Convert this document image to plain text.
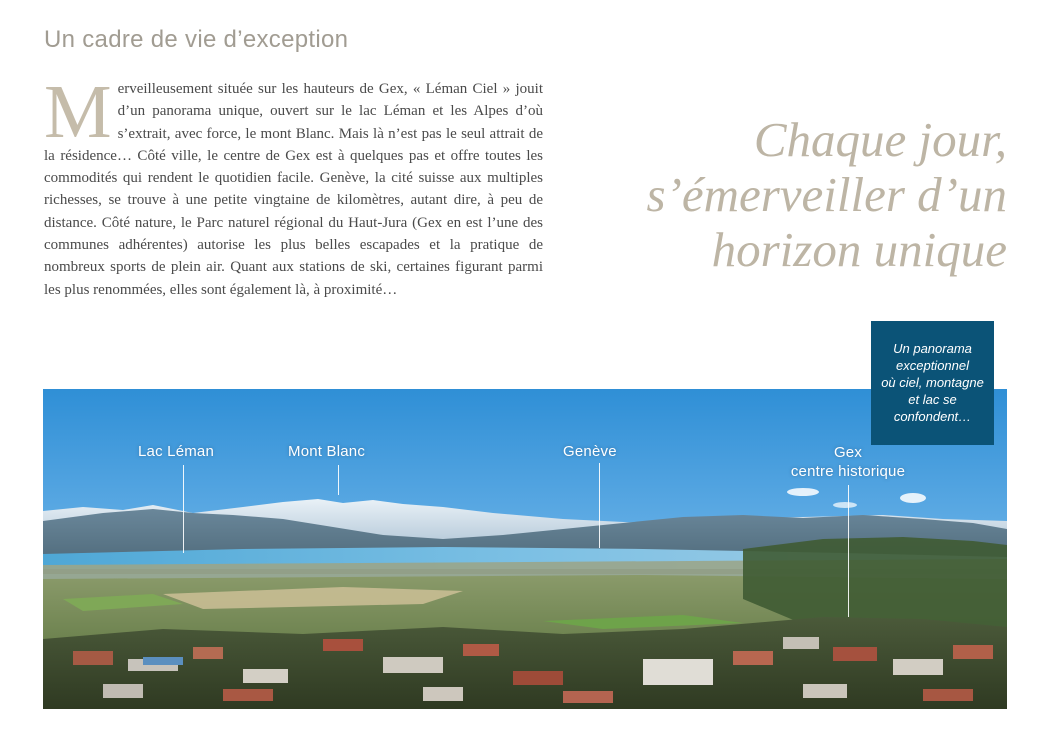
Un cadre de vie d’exception
M erveilleusement située sur les hauteurs de Gex, « Léman Ciel » jouit d’un panorama unique, ouvert sur le lac Léman et les Alpes d’où s’extrait, avec force, le mont Blanc. Mais là n’est pas le seul attrait de la résidence… Côté ville, le centre de Gex est à quelques pas et offre toutes les commodités qui rendent le quotidien facile. Genève, la cité suisse aux multiples richesses, se trouve à une petite vingtaine de kilomètres, autant dire, à peu de distance. Côté nature, le Parc naturel régional du Haut-Jura (Gex en est l’une des communes adhérentes) autorise les plus belles escapades et la pratique de nombreux sports de plein air. Quant aux stations de ski, certaines figurant parmi les plus renommées, elles sont également là, à proximité…
Chaque jour,
s’émerveiller d’un
horizon unique
Un panorama
exceptionnel
où ciel, montagne
et lac se
confondent…
Lac Léman	Mont Blanc	Genève	Gex
centre historique
